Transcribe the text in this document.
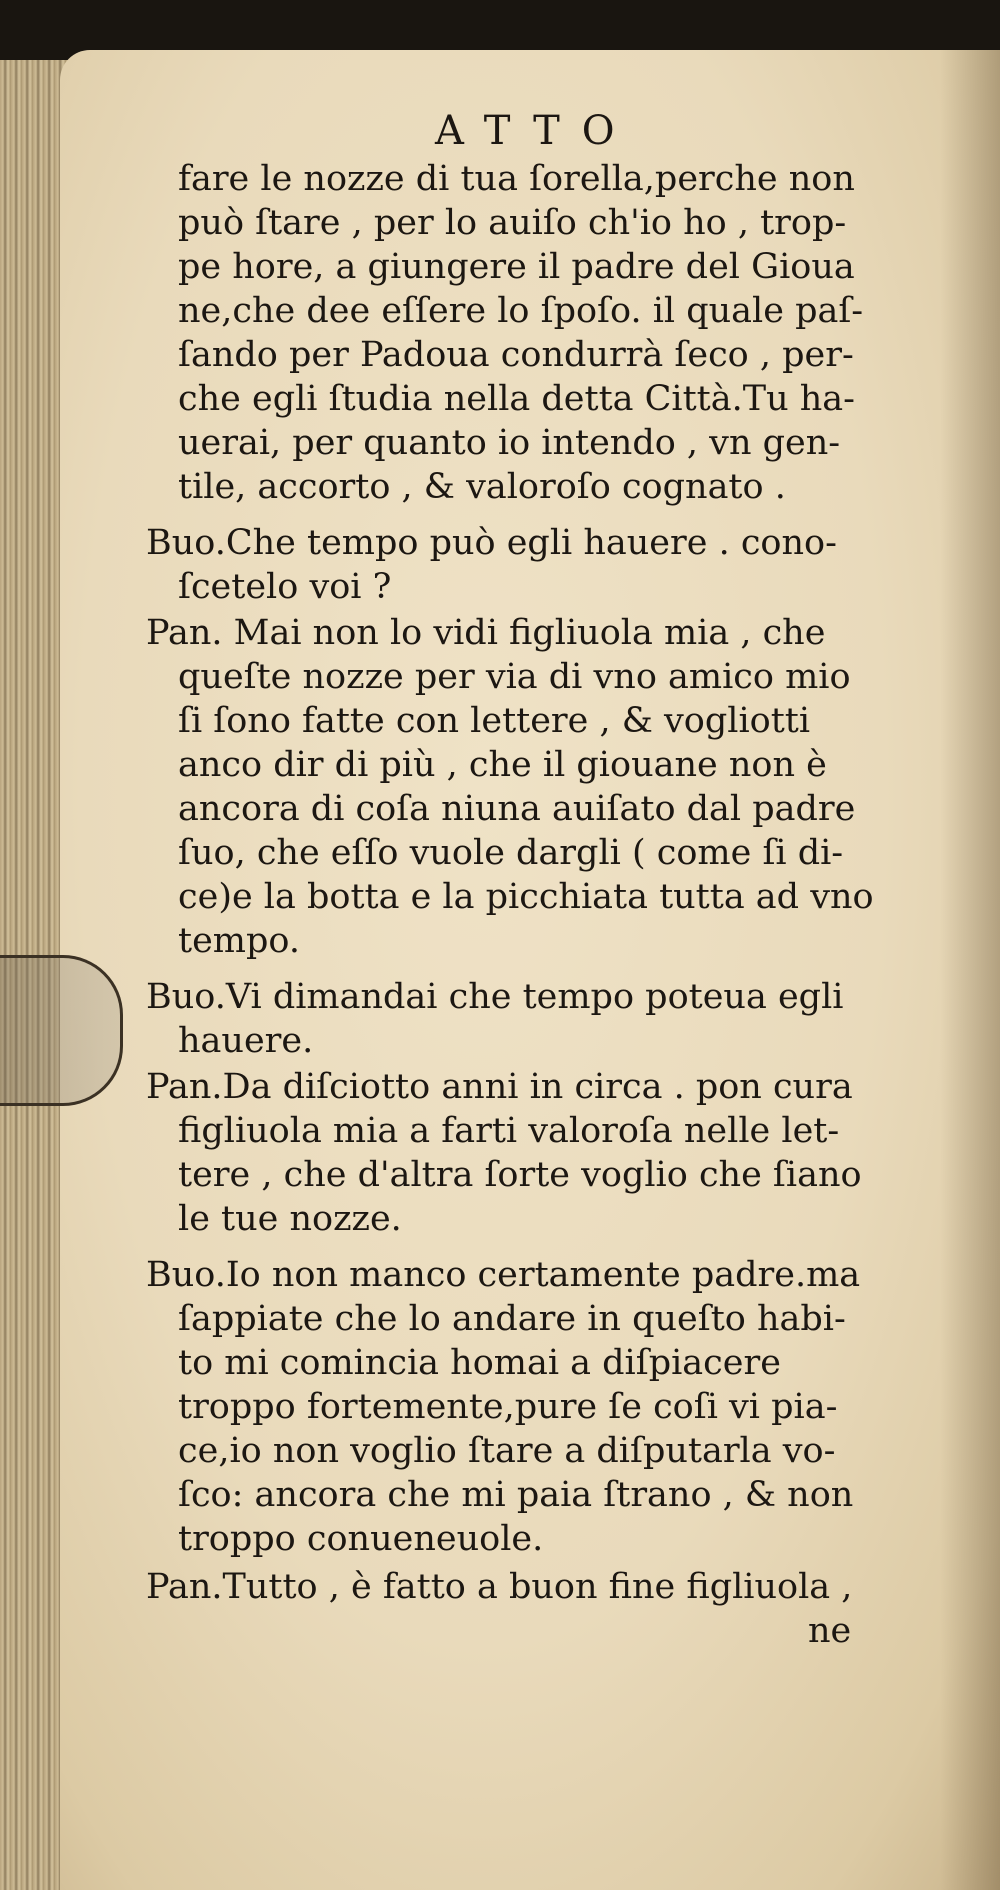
ATTO
fare le nozze di tua ſorella,perche non
può ſtare , per lo auiſo ch'io ho , trop-
pe hore, a giungere il padre del Gioua
ne,che dee eſſere lo ſpoſo. il quale paſ-
ſando per Padoua condurrà ſeco , per-
che egli ſtudia nella detta Città.Tu ha-
uerai, per quanto io intendo , vn gen-
tile, accorto , & valoroſo cognato .
Buo.Che tempo può egli hauere . cono-
ſcetelo voi ?
Pan. Mai non lo vidi figliuola mia , che
queſte nozze per via di vno amico mio
ſi ſono fatte con lettere , & vogliotti
anco dir di più , che il giouane non è
ancora di coſa niuna auiſato dal padre
ſuo, che eſſo vuole dargli ( come ſi di-
ce)e la botta e la picchiata tutta ad vno
tempo.
Buo.Vi dimandai che tempo poteua egli
hauere.
Pan.Da diſciotto anni in circa . pon cura
figliuola mia a farti valoroſa nelle let-
tere , che d'altra ſorte voglio che ſiano
le tue nozze.
Buo.Io non manco certamente padre.ma
ſappiate che lo andare in queſto habi-
to mi comincia homai a diſpiacere
troppo fortemente,pure ſe coſi vi pia-
ce,io non voglio ſtare a diſputarla vo-
ſco: ancora che mi paia ſtrano , & non
troppo conueneuole.
Pan.Tutto , è fatto a buon fine figliuola ,
ne
